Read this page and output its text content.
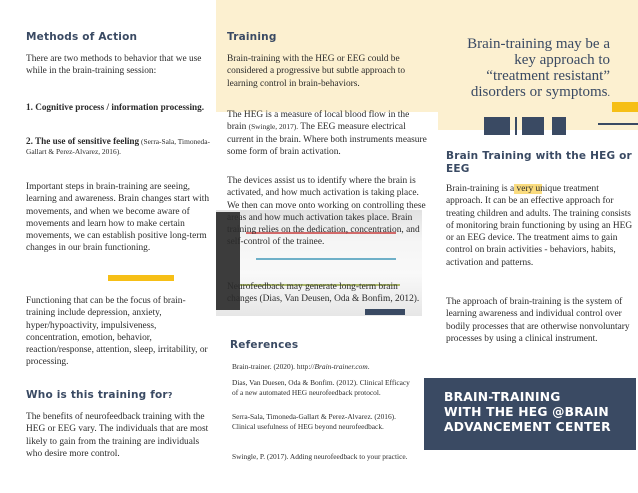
Methods of Action

There are two methods to behavior that we use while in the brain-training session:

1. Cognitive process / information processing.

2. The use of sensitive feeling (Serra-Sala, Timoneda-Gallart & Perez-Alvarez, 2016).

Important steps in brain-training are seeing, learning and awareness. Brain changes start with movements, and when we become aware of movements and learn how to make certain movements, we can establish positive long-term changes in our brain functioning.

Functioning that can be the focus of brain-training include depression, anxiety, hyper/hypoactivity, impulsiveness, concentration, emotion, behavior, reaction/response, attention, sleep, irritability, or processing.

Who is this training for?

The benefits of neurofeedback training with the HEG or EEG vary. The individuals that are most likely to gain from the training are individuals who desire more control.

Training

Brain-training with the HEG or EEG could be considered a progressive but subtle approach to learning control in brain-behaviors.

The HEG is a measure of local blood flow in the brain (Swingle, 2017). The EEG measure electrical current in the brain. Where both instruments measure some form of brain activation.

The devices assist us to identify where the brain is activated, and how much activation is taking place. We then can move onto working on controlling these areas and how much activation takes place. Brain training relies on the dedication, concentration, and self-control of the trainee.

Neurofeedback may generate long-term brain changes (Dias, Van Deusen, Oda & Bonfim, 2012).

References

Brain-trainer. (2020). http://Brain-trainer.com.

Dias, Van Duesen, Oda & Bonfim. (2012). Clinical Efficacy of a new automated HEG neurofeedback protocol.

Serra-Sala, Timoneda-Gallart & Perez-Alvarez. (2016). Clinical usefulness of HEG beyond neurofeedback.

Swingle, P. (2017). Adding neurofeedback to your practice.

Brain-training may be a
key approach to
“treatment resistant”
disorders or symptoms.
Brain Training with the HEG or EEG

Brain-training is a very unique treatment approach. It can be an effective approach for treating children and adults. The training consists of monitoring brain functioning by using an HEG or an EEG device. The treatment aims to gain control on brain activities - behaviors, habits, activation and patterns.

The approach of brain-training is the system of learning awareness and individual control over bodily processes that are otherwise nonvoluntary processes by using a clinical instrument.

BRAIN-TRAINING
WITH THE HEG @BRAIN
ADVANCEMENT CENTER
